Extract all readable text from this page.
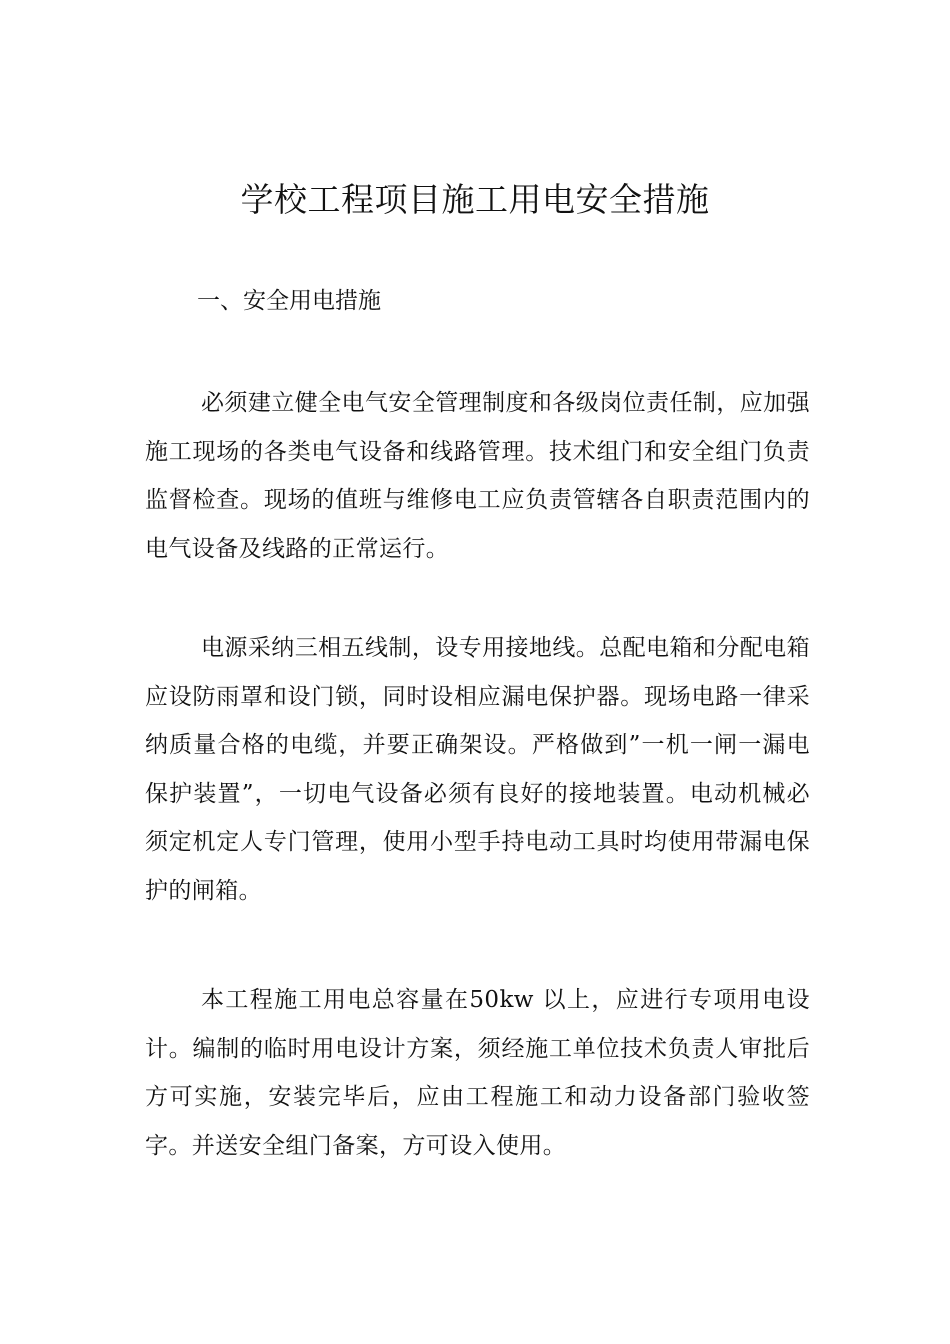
学校工程项目施工用电安全措施
一、安全用电措施

必须建立健全电气安全管理制度和各级岗位责任制，应加强施工现场的各类电气设备和线路管理。技术组门和安全组门负责监督检查。现场的值班与维修电工应负责管辖各自职责范围内的电气设备及线路的正常运行。

电源采纳三相五线制，设专用接地线。总配电箱和分配电箱应设防雨罩和设门锁，同时设相应漏电保护器。现场电路一律采纳质量合格的电缆，并要正确架设。严格做到”一机一闸一漏电保护装置”，一切电气设备必须有良好的接地装置。电动机械必须定机定人专门管理，使用小型手持电动工具时均使用带漏电保护的闸箱。

本工程施工用电总容量在50kw 以上，应进行专项用电设计。编制的临时用电设计方案，须经施工单位技术负责人审批后方可实施，安装完毕后，应由工程施工和动力设备部门验收签字。并送安全组门备案，方可设入使用。
